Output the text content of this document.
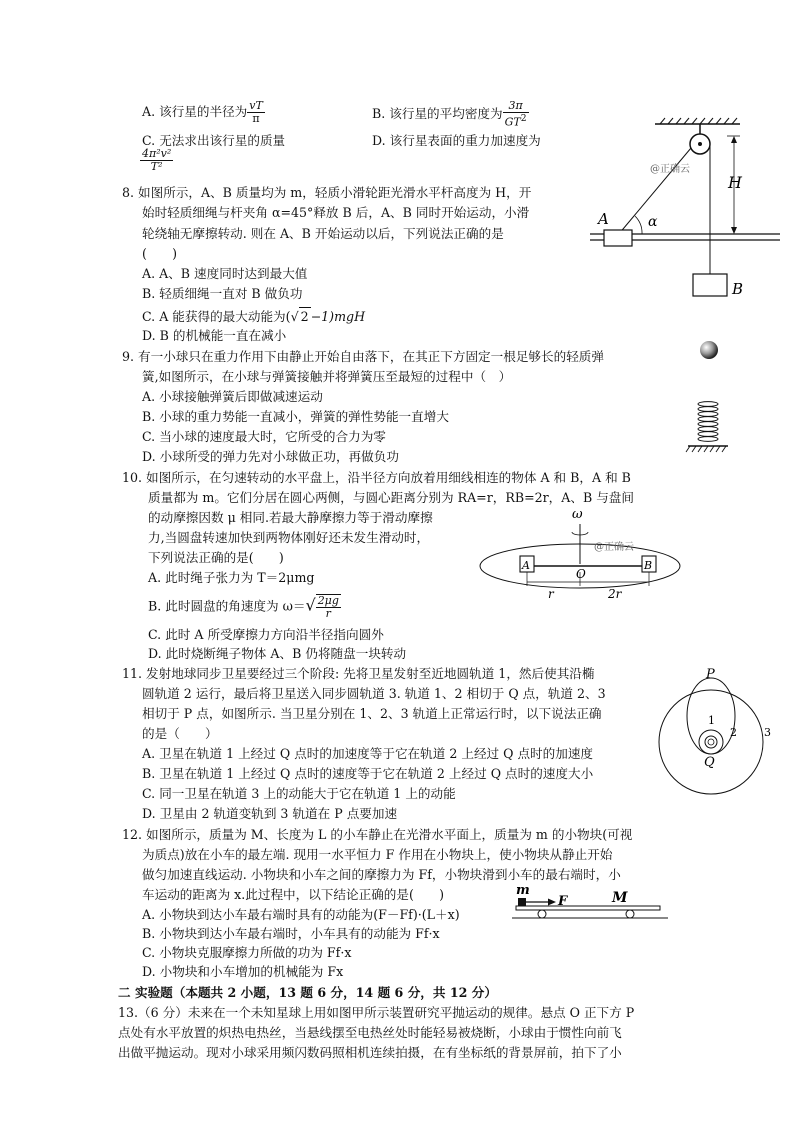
A. 该行星的半径为 $\frac{vT}{\pi}$	B. 该行星的平均密度为 $\frac{3\pi}{GT^2}$
C. 无法求出该行星的质量	D. 该行星表面的重力加速度为
$\frac{\text{4π²v²}}{\text{T²}}$
8. 如图所示，A、B 质量均为 m，轻质小滑轮距光滑水平杆高度为 H，开
始时轻质细绳与杆夹角 α=45°释放 B 后，A、B 同时开始运动，小滑
轮绕轴无摩擦转动. 则在 A、B 开始运动以后，下列说法正确的是
(　　)
A. A、B 速度同时达到最大值
B. 轻质细绳一直对 B 做负功
C. A 能获得的最大动能为(√ 2 −1)mgH
D. B 的机械能一直在减小
@正确云
A
B
H
α
9. 有一小球只在重力作用下由静止开始自由落下，在其正下方固定一根足够长的轻质弹
簧,如图所示，在小球与弹簧接触并将弹簧压至最短的过程中（　）
A. 小球接触弹簧后即做减速运动
B. 小球的重力势能一直减小，弹簧的弹性势能一直增大
C. 当小球的速度最大时，它所受的合力为零
D. 小球所受的弹力先对小球做正功，再做负功
10. 如图所示，在匀速转动的水平盘上，沿半径方向放着用细线相连的物体 A 和 B，A 和 B
质量都为 m。它们分居在圆心两侧，与圆心距离分别为 RA=r，RB=2r，A、B 与盘间
的动摩擦因数 μ 相同.若最大静摩擦力等于滑动摩擦
力,当圆盘转速加快到两物体刚好还未发生滑动时，
下列说法正确的是(　　)
A. 此时绳子张力为 T＝2μmg
B. 此时圆盘的角速度为 $\omega=√ \frac{2\mu g}{r}$
C. 此时 A 所受摩擦力方向沿半径指向圆外
D. 此时烧断绳子物体 A、B 仍将随盘一块转动
ω
@正确云
A	B
O
r	2r
11. 发射地球同步卫星要经过三个阶段: 先将卫星发射至近地圆轨道 1，然后使其沿椭
圆轨道 2 运行，最后将卫星送入同步圆轨道 3. 轨道 1、2 相切于 Q 点，轨道 2、3
相切于 P 点，如图所示. 当卫星分别在 1、2、3 轨道上正常运行时，以下说法正确
的是（　　）
A. 卫星在轨道 1 上经过 Q 点时的加速度等于它在轨道 2 上经过 Q 点时的加速度
B. 卫星在轨道 1 上经过 Q 点时的速度等于它在轨道 2 上经过 Q 点时的速度大小
C. 同一卫星在轨道 3 上的动能大于它在轨道 1 上的动能
D. 卫星由 2 轨道变轨到 3 轨道在 P 点要加速
P
Q
1
2 3
12. 如图所示，质量为 M、长度为 L 的小车静止在光滑水平面上，质量为 m 的小物块(可视
为质点)放在小车的最左端. 现用一水平恒力 F 作用在小物块上，使小物块从静止开始
做匀加速直线运动. 小物块和小车之间的摩擦力为 Ff，小物块滑到小车的最右端时，小
车运动的距离为 x.此过程中，以下结论正确的是(　　)
A. 小物块到达小车最右端时具有的动能为(F－Ff)·(L＋x)
B. 小物块到达小车最右端时，小车具有的动能为 Ff·x
C. 小物块克服摩擦力所做的功为 Ff·x
D. 小物块和小车增加的机械能为 Fx
m
F	M
二 实验题（本题共 2 小题，13 题 6 分，14 题 6 分，共 12 分）
13.（6 分）未来在一个未知星球上用如图甲所示装置研究平抛运动的规律。悬点 O 正下方 P
点处有水平放置的炽热电热丝，当悬线摆至电热丝处时能轻易被烧断，小球由于惯性向前飞
出做平抛运动。现对小球采用频闪数码照相机连续拍摄，在有坐标纸的背景屏前，拍下了小
